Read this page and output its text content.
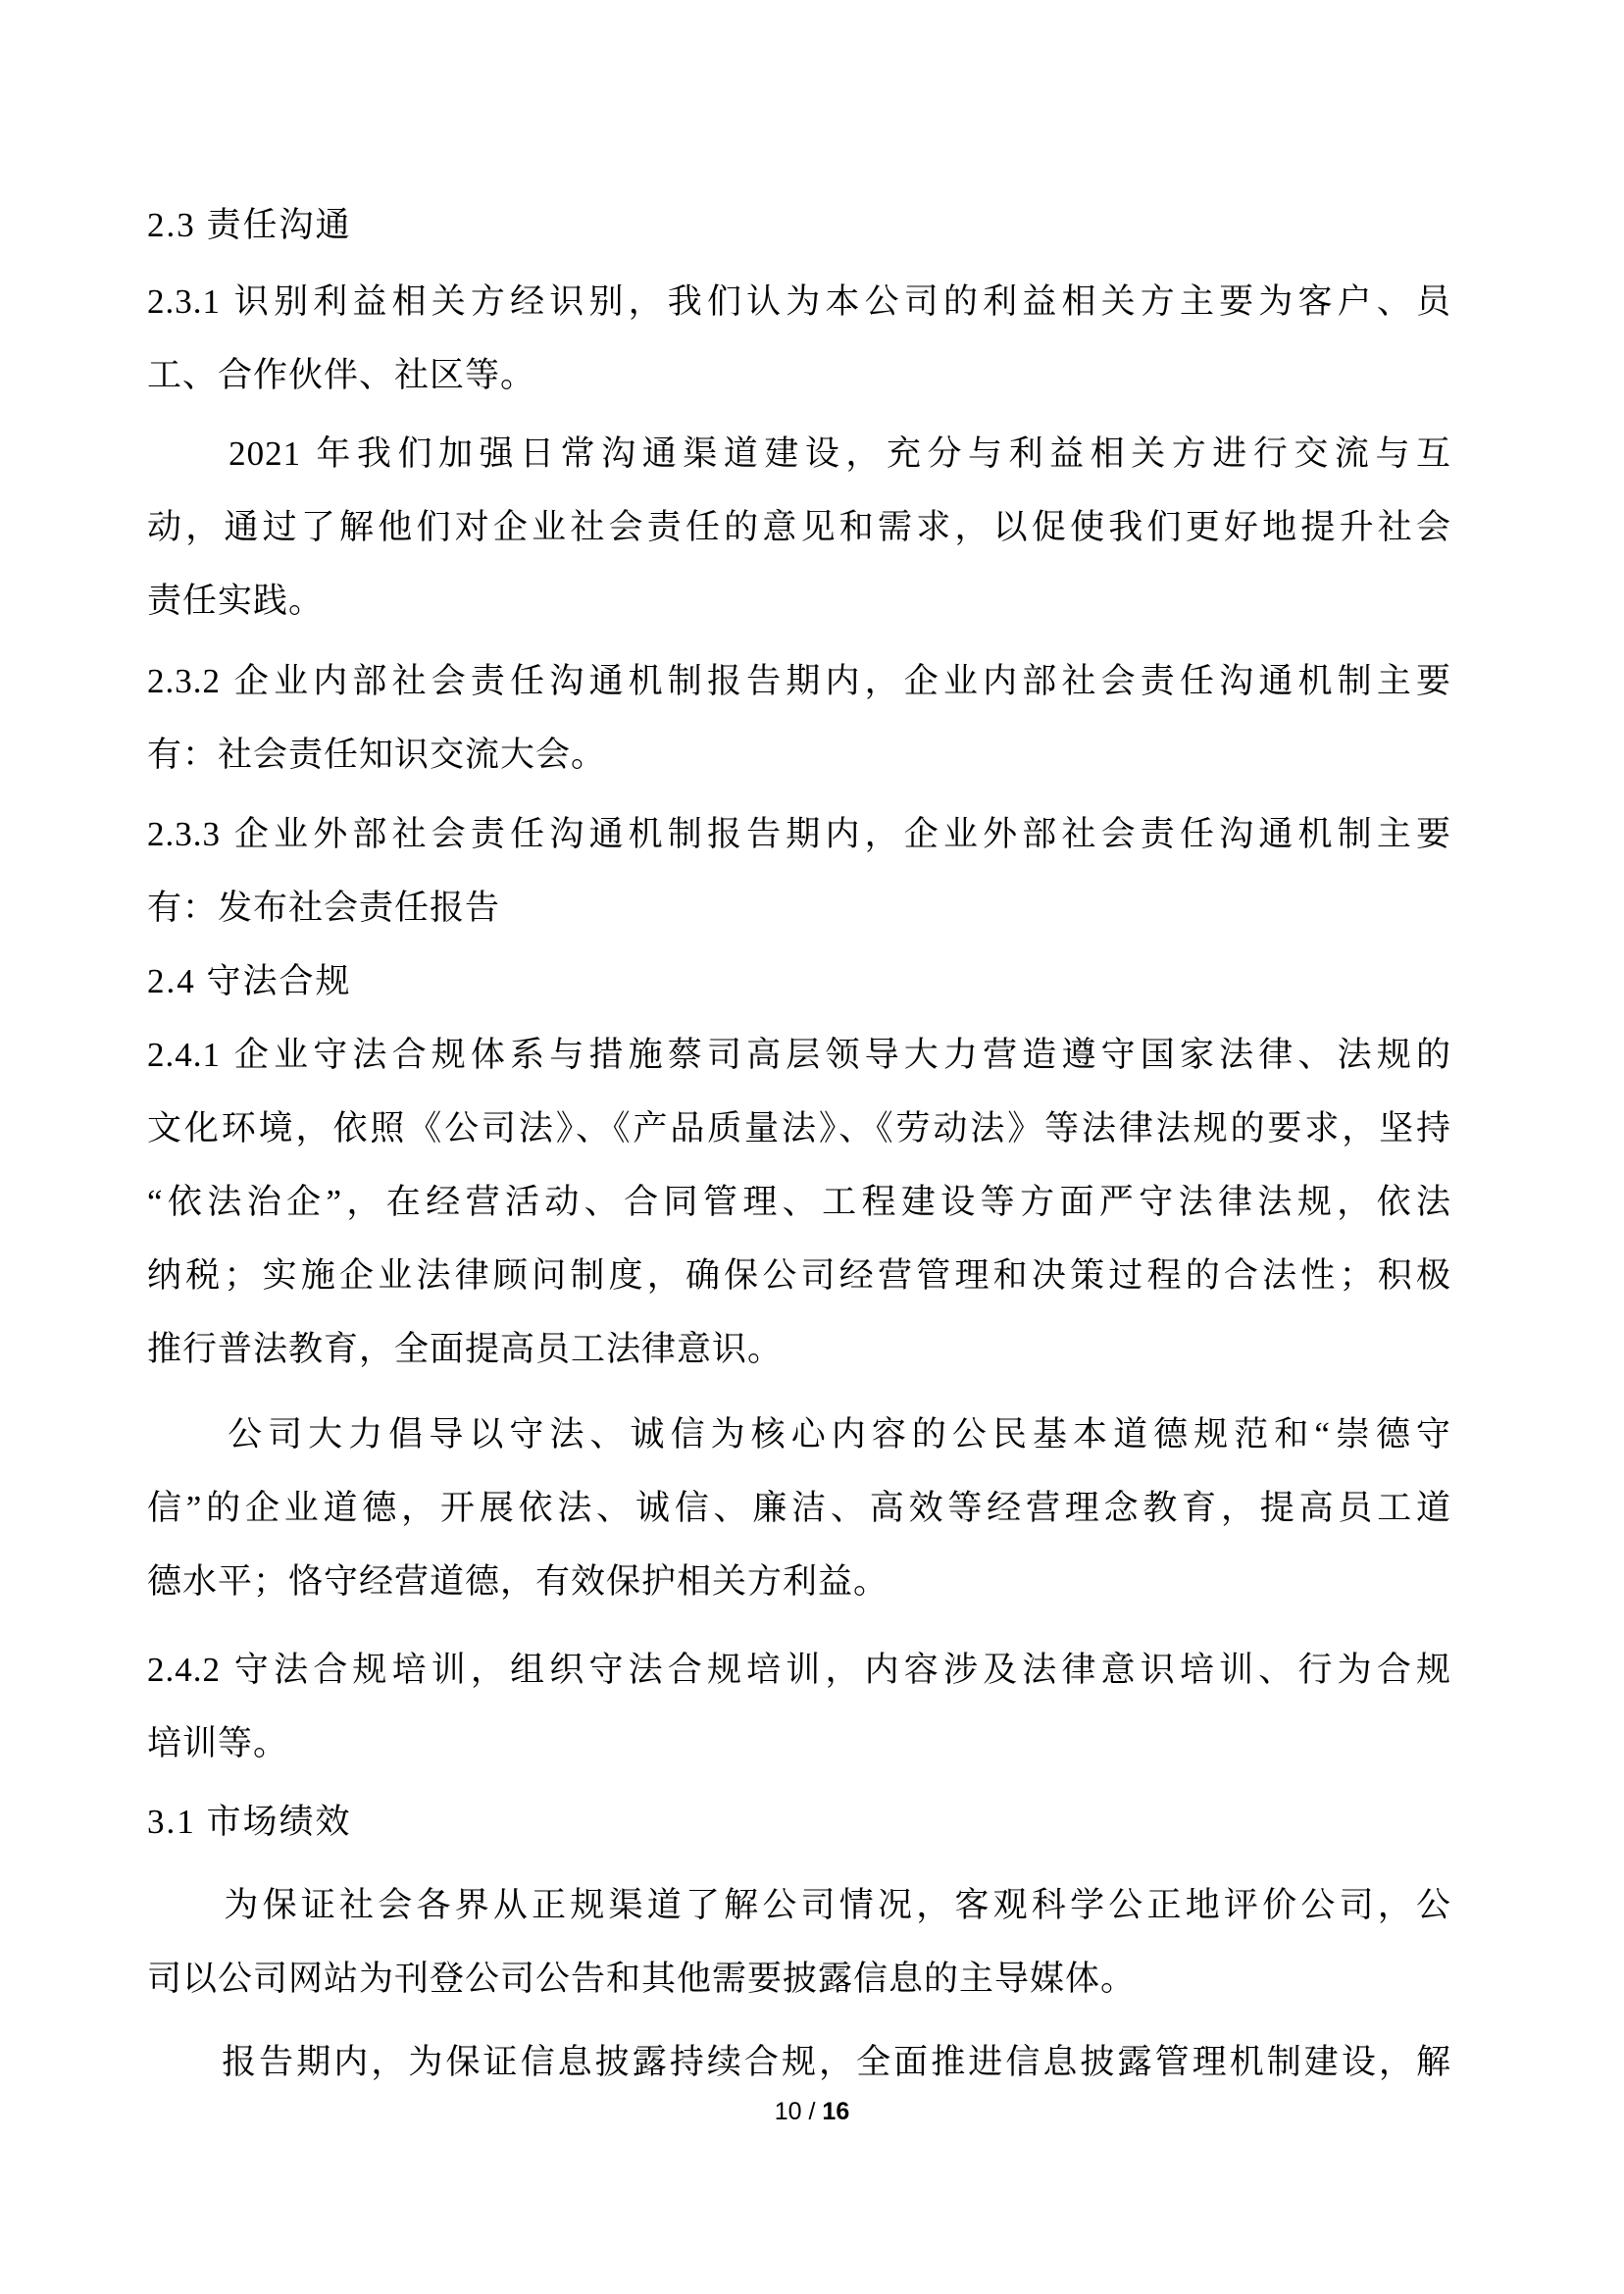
2.3 责任沟通
2.3.1 识别利益相关方经识别，我们认为本公司的利益相关方主要为客户、员
工、合作伙伴、社区等。
　　2021 年我们加强日常沟通渠道建设，充分与利益相关方进行交流与互
动，通过了解他们对企业社会责任的意见和需求，以促使我们更好地提升社会
责任实践。
2.3.2 企业内部社会责任沟通机制报告期内，企业内部社会责任沟通机制主要
有：社会责任知识交流大会。
2.3.3 企业外部社会责任沟通机制报告期内，企业外部社会责任沟通机制主要
有：发布社会责任报告
2.4 守法合规
2.4.1 企业守法合规体系与措施蔡司高层领导大力营造遵守国家法律、法规的
文化环境，依照《公司法》、《产品质量法》、《劳动法》等法律法规的要求，坚持
“依法治企”，在经营活动、合同管理、工程建设等方面严守法律法规，依法
纳税；实施企业法律顾问制度，确保公司经营管理和决策过程的合法性；积极
推行普法教育，全面提高员工法律意识。
　　公司大力倡导以守法、诚信为核心内容的公民基本道德规范和“崇德守
信”的企业道德，开展依法、诚信、廉洁、高效等经营理念教育，提高员工道
德水平；恪守经营道德，有效保护相关方利益。
2.4.2 守法合规培训，组织守法合规培训，内容涉及法律意识培训、行为合规
培训等。
3.1 市场绩效
　　为保证社会各界从正规渠道了解公司情况，客观科学公正地评价公司，公
司以公司网站为刊登公司公告和其他需要披露信息的主导媒体。
　　报告期内，为保证信息披露持续合规，全面推进信息披露管理机制建设，解
10 / 16
